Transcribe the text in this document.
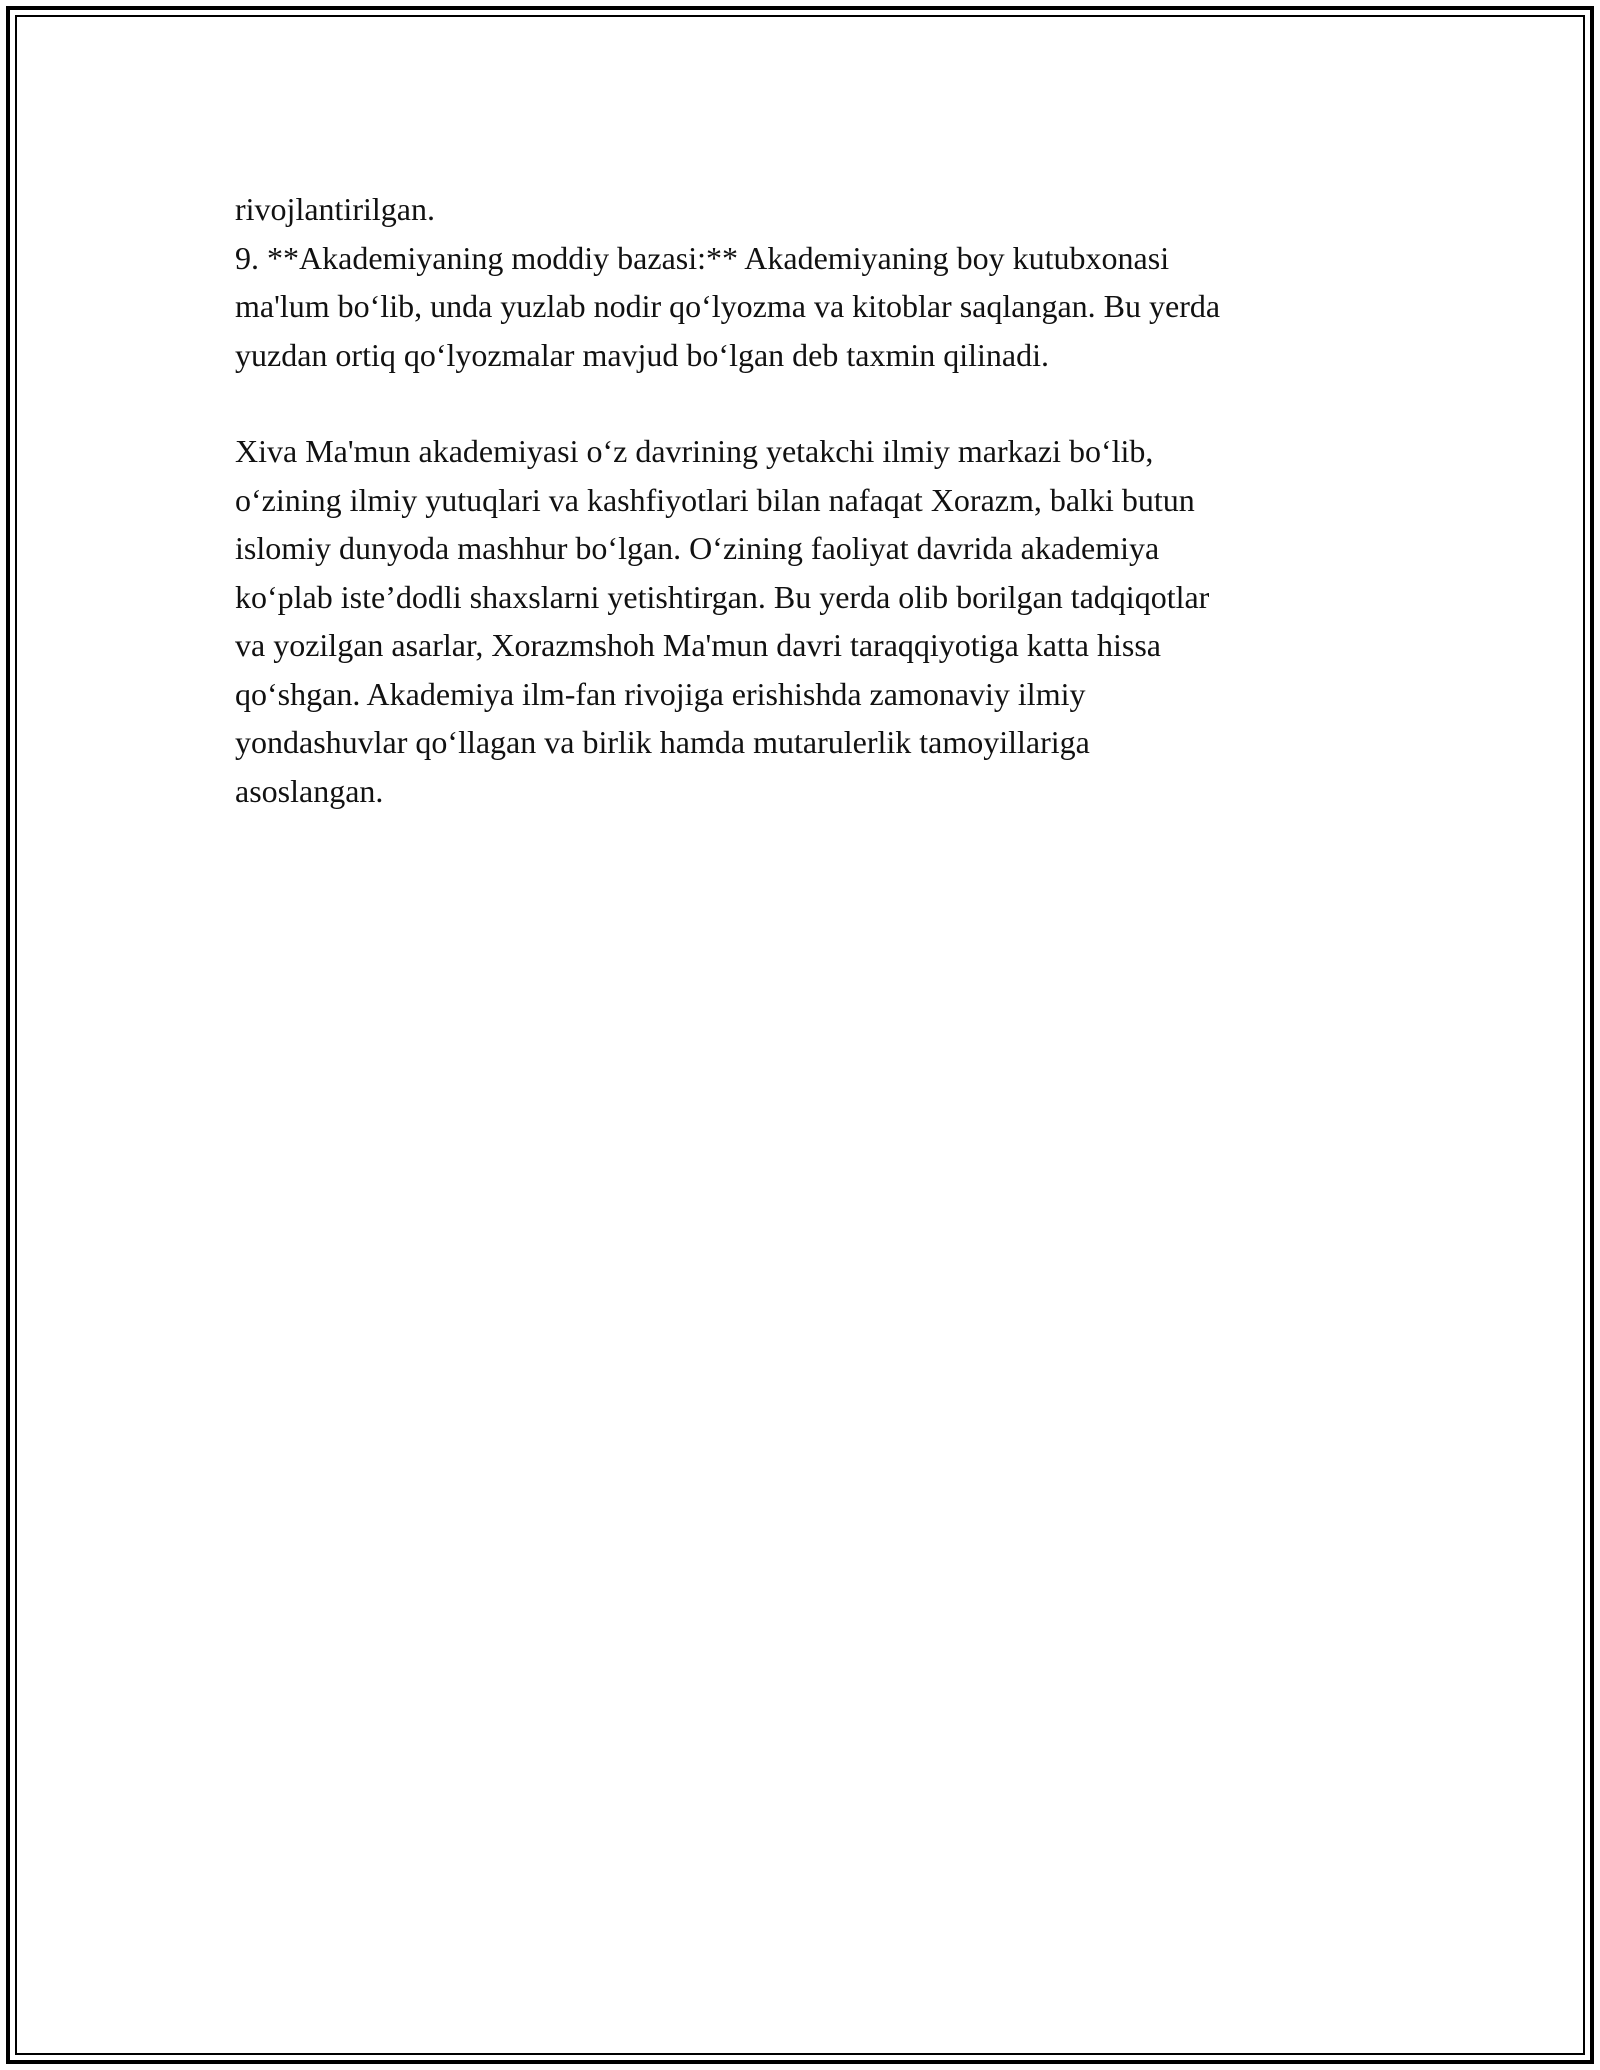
rivojlantirilgan.
9. **Akademiyaning moddiy bazasi:** Akademiyaning boy kutubxonasi
ma'lum bo‘lib, unda yuzlab nodir qo‘lyozma va kitoblar saqlangan. Bu yerda
yuzdan ortiq qo‘lyozmalar mavjud bo‘lgan deb taxmin qilinadi.

Xiva Ma'mun akademiyasi o‘z davrining yetakchi ilmiy markazi bo‘lib,
o‘zining ilmiy yutuqlari va kashfiyotlari bilan nafaqat Xorazm, balki butun
islomiy dunyoda mashhur bo‘lgan. O‘zining faoliyat davrida akademiya
ko‘plab iste’dodli shaxslarni yetishtirgan. Bu yerda olib borilgan tadqiqotlar
va yozilgan asarlar, Xorazmshoh Ma'mun davri taraqqiyotiga katta hissa
qo‘shgan. Akademiya ilm-fan rivojiga erishishda zamonaviy ilmiy
yondashuvlar qo‘llagan va birlik hamda mutarulerlik tamoyillariga
asoslangan.
